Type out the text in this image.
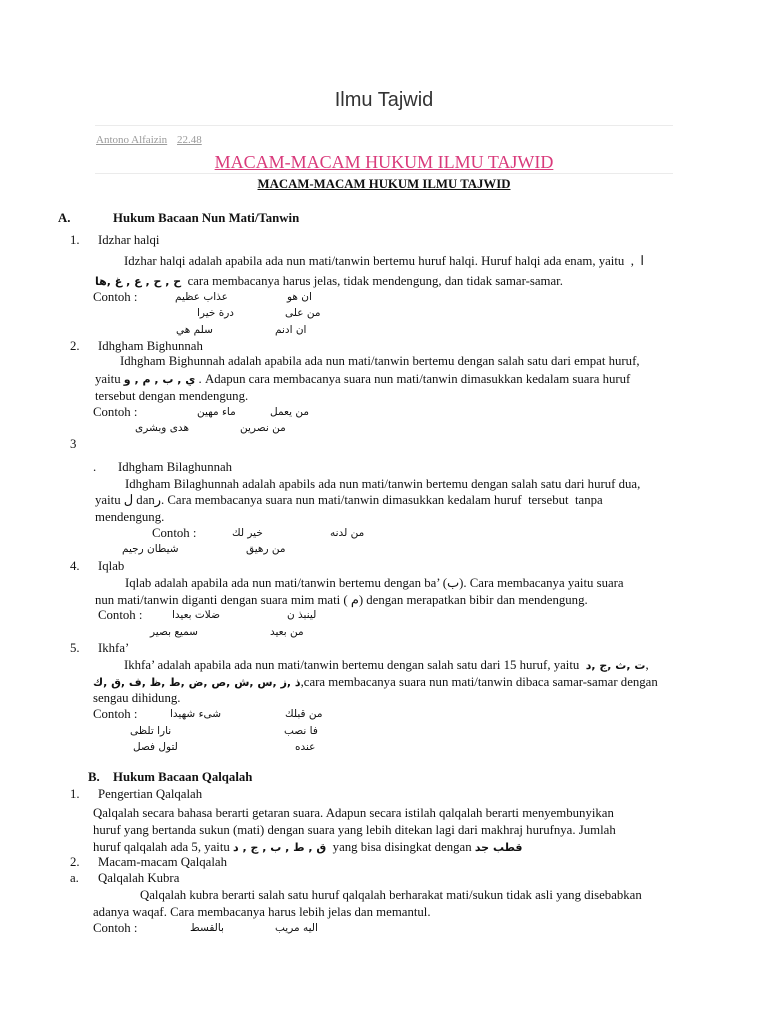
Ilmu Tajwid
Antono Alfaizin 22.48
MACAM-MACAM HUKUM ILMU TAJWID
MACAM-MACAM HUKUM ILMU TAJWID
A.	Hukum Bacaan Nun Mati/Tanwin
1. Idzhar halqi
Idzhar halqi adalah apabila ada nun mati/tanwin bertemu huruf halqi. Huruf halqi ada enam, yaitu  ,  ا
ح , ح , ع , غ ,ها  cara membacanya harus jelas, tidak mendengung, dan tidak samar-samar.
Contoh :	عذاب عظيم	ان هو
درة خيرا	من على
سلم هي	ان ادنم
2. Idhgham Bighunnah
Idhgham Bighunnah adalah apabila ada nun mati/tanwin bertemu dengan salah satu dari empat huruf,
yaitu ي , ب , م , و . Adapun cara membacanya suara nun mati/tanwin dimasukkan kedalam suara huruf
tersebut dengan mendengung.
Contoh :	ماء مهين	من يعمل
هدى وبشرى	من نصرين
3
. Idhgham Bilaghunnah
Idhgham Bilaghunnah adalah apabils ada nun mati/tanwin bertemu dengan salah satu dari huruf dua,
yaitu ل danر. Cara membacanya suara nun mati/tanwin dimasukkan kedalam huruf  tersebut  tanpa
mendengung.
Contoh :	خير لك	من لدنه
شيطان رجيم	من رهيق
4. Iqlab
Iqlab adalah apabila ada nun mati/tanwin bertemu dengan ba’ (ب). Cara membacanya yaitu suara
nun mati/tanwin diganti dengan suara mim mati ( م) dengan merapatkan bibir dan mendengung.
Contoh :	ضلات بعيدا	لينبذ ن
سميع بصير	من بعيد
5. Ikhfa’
Ikhfa’ adalah apabila ada nun mati/tanwin bertemu dengan salah satu dari 15 huruf, yaitu  ت ,ث ,ج ,د,
ذ ,ز ,س ,ش ,ص ,ض ,ط ,ظ ,ف ,ق ,ك,cara membacanya suara nun mati/tanwin dibaca samar-samar dengan
sengau dihidung.
Contoh :	شىء شهيدا	من قبلك
نارا تلظى	فا نصب
لتول فصل	عنده
B. Hukum Bacaan Qalqalah
1. Pengertian Qalqalah
Qalqalah secara bahasa berarti getaran suara. Adapun secara istilah qalqalah berarti menyembunyikan
huruf yang bertanda sukun (mati) dengan suara yang lebih ditekan lagi dari makhraj hurufnya. Jumlah
huruf qalqalah ada 5, yaitu ق , ط , ب , ج , د  yang bisa disingkat dengan قطب جد
2. Macam-macam Qalqalah
a. Qalqalah Kubra
Qalqalah kubra berarti salah satu huruf qalqalah berharakat mati/sukun tidak asli yang disebabkan
adanya waqaf. Cara membacanya harus lebih jelas dan memantul.
Contoh :	بالقسط	اليه مريب
